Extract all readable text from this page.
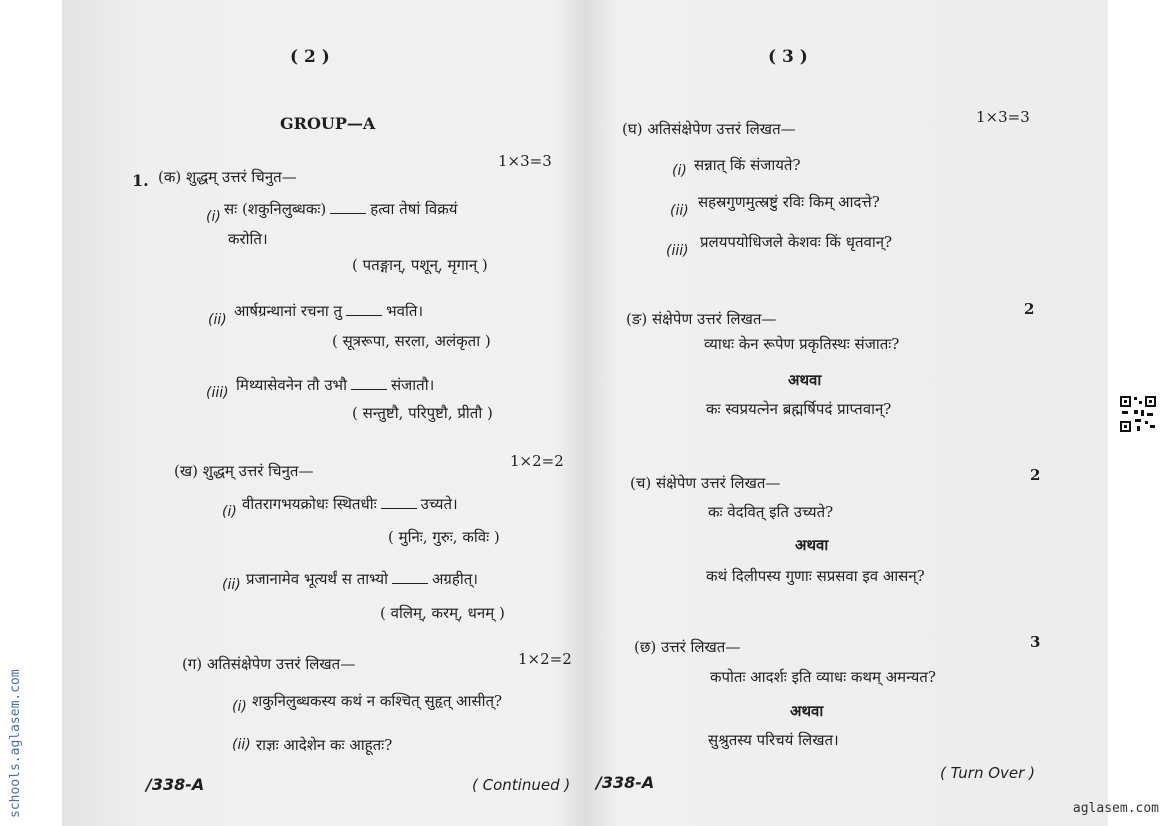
( 2 )
GROUP—A
1. (क) शुद्धम् उत्तरं चिनुत—
1×3=3
(i) सः (शकुनिलुब्धकः)	हत्वा तेषां विक्रयं
करोति।
( पतङ्गान्, पशून्, मृगान् )
(ii) आर्षग्रन्थानां रचना तु	भवति।
( सूत्ररूपा, सरला, अलंकृता )
(iii) मिथ्यासेवनेन तौ उभौ	संजातौ।
( सन्तुष्टौ, परिपुष्टौ, प्रीतौ )
(ख) शुद्धम् उत्तरं चिनुत—
1×2=2
(i) वीतरागभयक्रोधः स्थितधीः	उच्यते।
( मुनिः, गुरुः, कविः )
(ii) प्रजानामेव भूत्यर्थं स ताभ्यो	अग्रहीत्।
( वलिम्, करम्, धनम् )
(ग) अतिसंक्षेपेण उत्तरं लिखत—	1×2=2
(i) शकुनिलुब्धकस्य कथं न कश्चित् सुहृत् आसीत्?
(ii) राज्ञः आदेशेन कः आहूतः?
/338-A	( Continued )
( 3 )
(घ) अतिसंक्षेपेण उत्तरं लिखत—
1×3=3
(i) सन्नात् किं संजायते?
(ii) सहस्रगुणमुत्स्रष्टुं रविः किम् आदत्ते?
(iii) प्रलयपयोधिजले केशवः किं धृतवान्?
(ङ) संक्षेपेण उत्तरं लिखत—
2
व्याधः केन रूपेण प्रकृतिस्थः संजातः?
अथवा
कः स्वप्रयत्नेन ब्रह्मर्षिपदं प्राप्तवान्?
(च) संक्षेपेण उत्तरं लिखत—	2
कः वेदवित् इति उच्यते?
अथवा
कथं दिलीपस्य गुणाः सप्रसवा इव आसन्?
(छ) उत्तरं लिखत—	3
कपोतः आदर्शः इति व्याधः कथम् अमन्यत?
अथवा
सुश्रुतस्य परिचयं लिखत।
/338-A	( Turn Over )
schools.aglasem.com	aglasem.com
